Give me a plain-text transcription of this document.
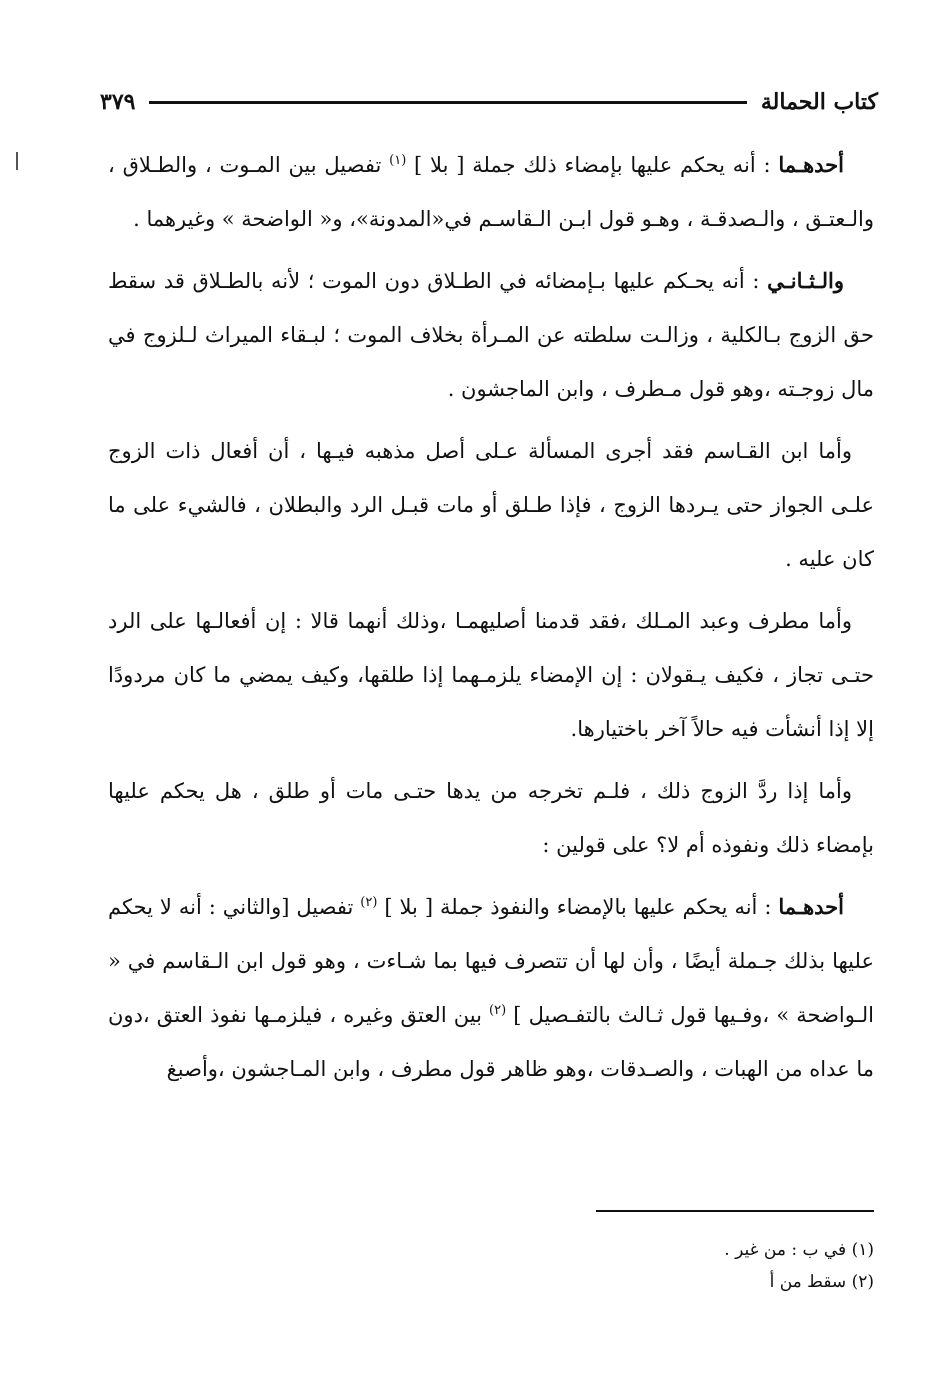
كتاب الحمالة
٣٧٩

أحدهـما : أنه يحكم عليها بإمضاء ذلك جملة [ بلا ] $^{(١)}$ تفصيل بين المـوت ، والطـلاق ، والـعتـق ، والـصدقـة ، وهـو قول ابـن الـقاسـم في«المدونة»، و« الواضحة » وغيرهما .

والـثـانـي : أنه يحـكم عليها بـإمضائه في الطـلاق دون الموت ؛ لأنه بالطـلاق قد سقط حق الزوج بـالكلية ، وزالـت سلطته عن المـرأة بخلاف الموت ؛ لبـقاء الميراث لـلزوج في مال زوجـته ،وهو قول مـطرف ، وابن الماجشون .

وأما ابن القـاسم فقد أجرى المسألة عـلى أصل مذهبه فيـها ، أن أفعال ذات الزوج علـى الجواز حتى يـردها الزوج ، فإذا طـلق أو مات قبـل الرد والبطلان ، فالشيء على ما كان عليه .

وأما مطرف وعبد المـلك ،فقد قدمنا أصليهمـا ،وذلك أنهما قالا : إن أفعالـها على الرد حتـى تجاز ، فكيف يـقولان : إن الإمضاء يلزمـهما إذا طلقها، وكيف يمضي ما كان مردودًا إلا إذا أنشأت فيه حالاً آخر باختيارها.

وأما إذا ردَّ الزوج ذلك ، فلـم تخرجه من يدها حتـى مات أو طلق ، هل يحكم عليها بإمضاء ذلك ونفوذه أم لا؟ على قولين :

أحدهـما : أنه يحكم عليها بالإمضاء والنفوذ جملة [ بلا ] $^{(٢)}$ تفصيل [والثاني : أنه لا يحكم عليها بذلك جـملة أيضًا ، وأن لها أن تتصرف فيها بما شـاءت ، وهو قول ابن الـقاسم في « الـواضحة » ،وفـيها قول ثـالث بالتفـصيل ] $^{(٢)}$ بين العتق وغيره ، فيلزمـها نفوذ العتق ،دون ما عداه من الهبات ، والصـدقات ،وهو ظاهر قول مطرف ، وابن المـاجشون ،وأصبغ

(١) في ب : من غير .

(٢) سقط من أ
